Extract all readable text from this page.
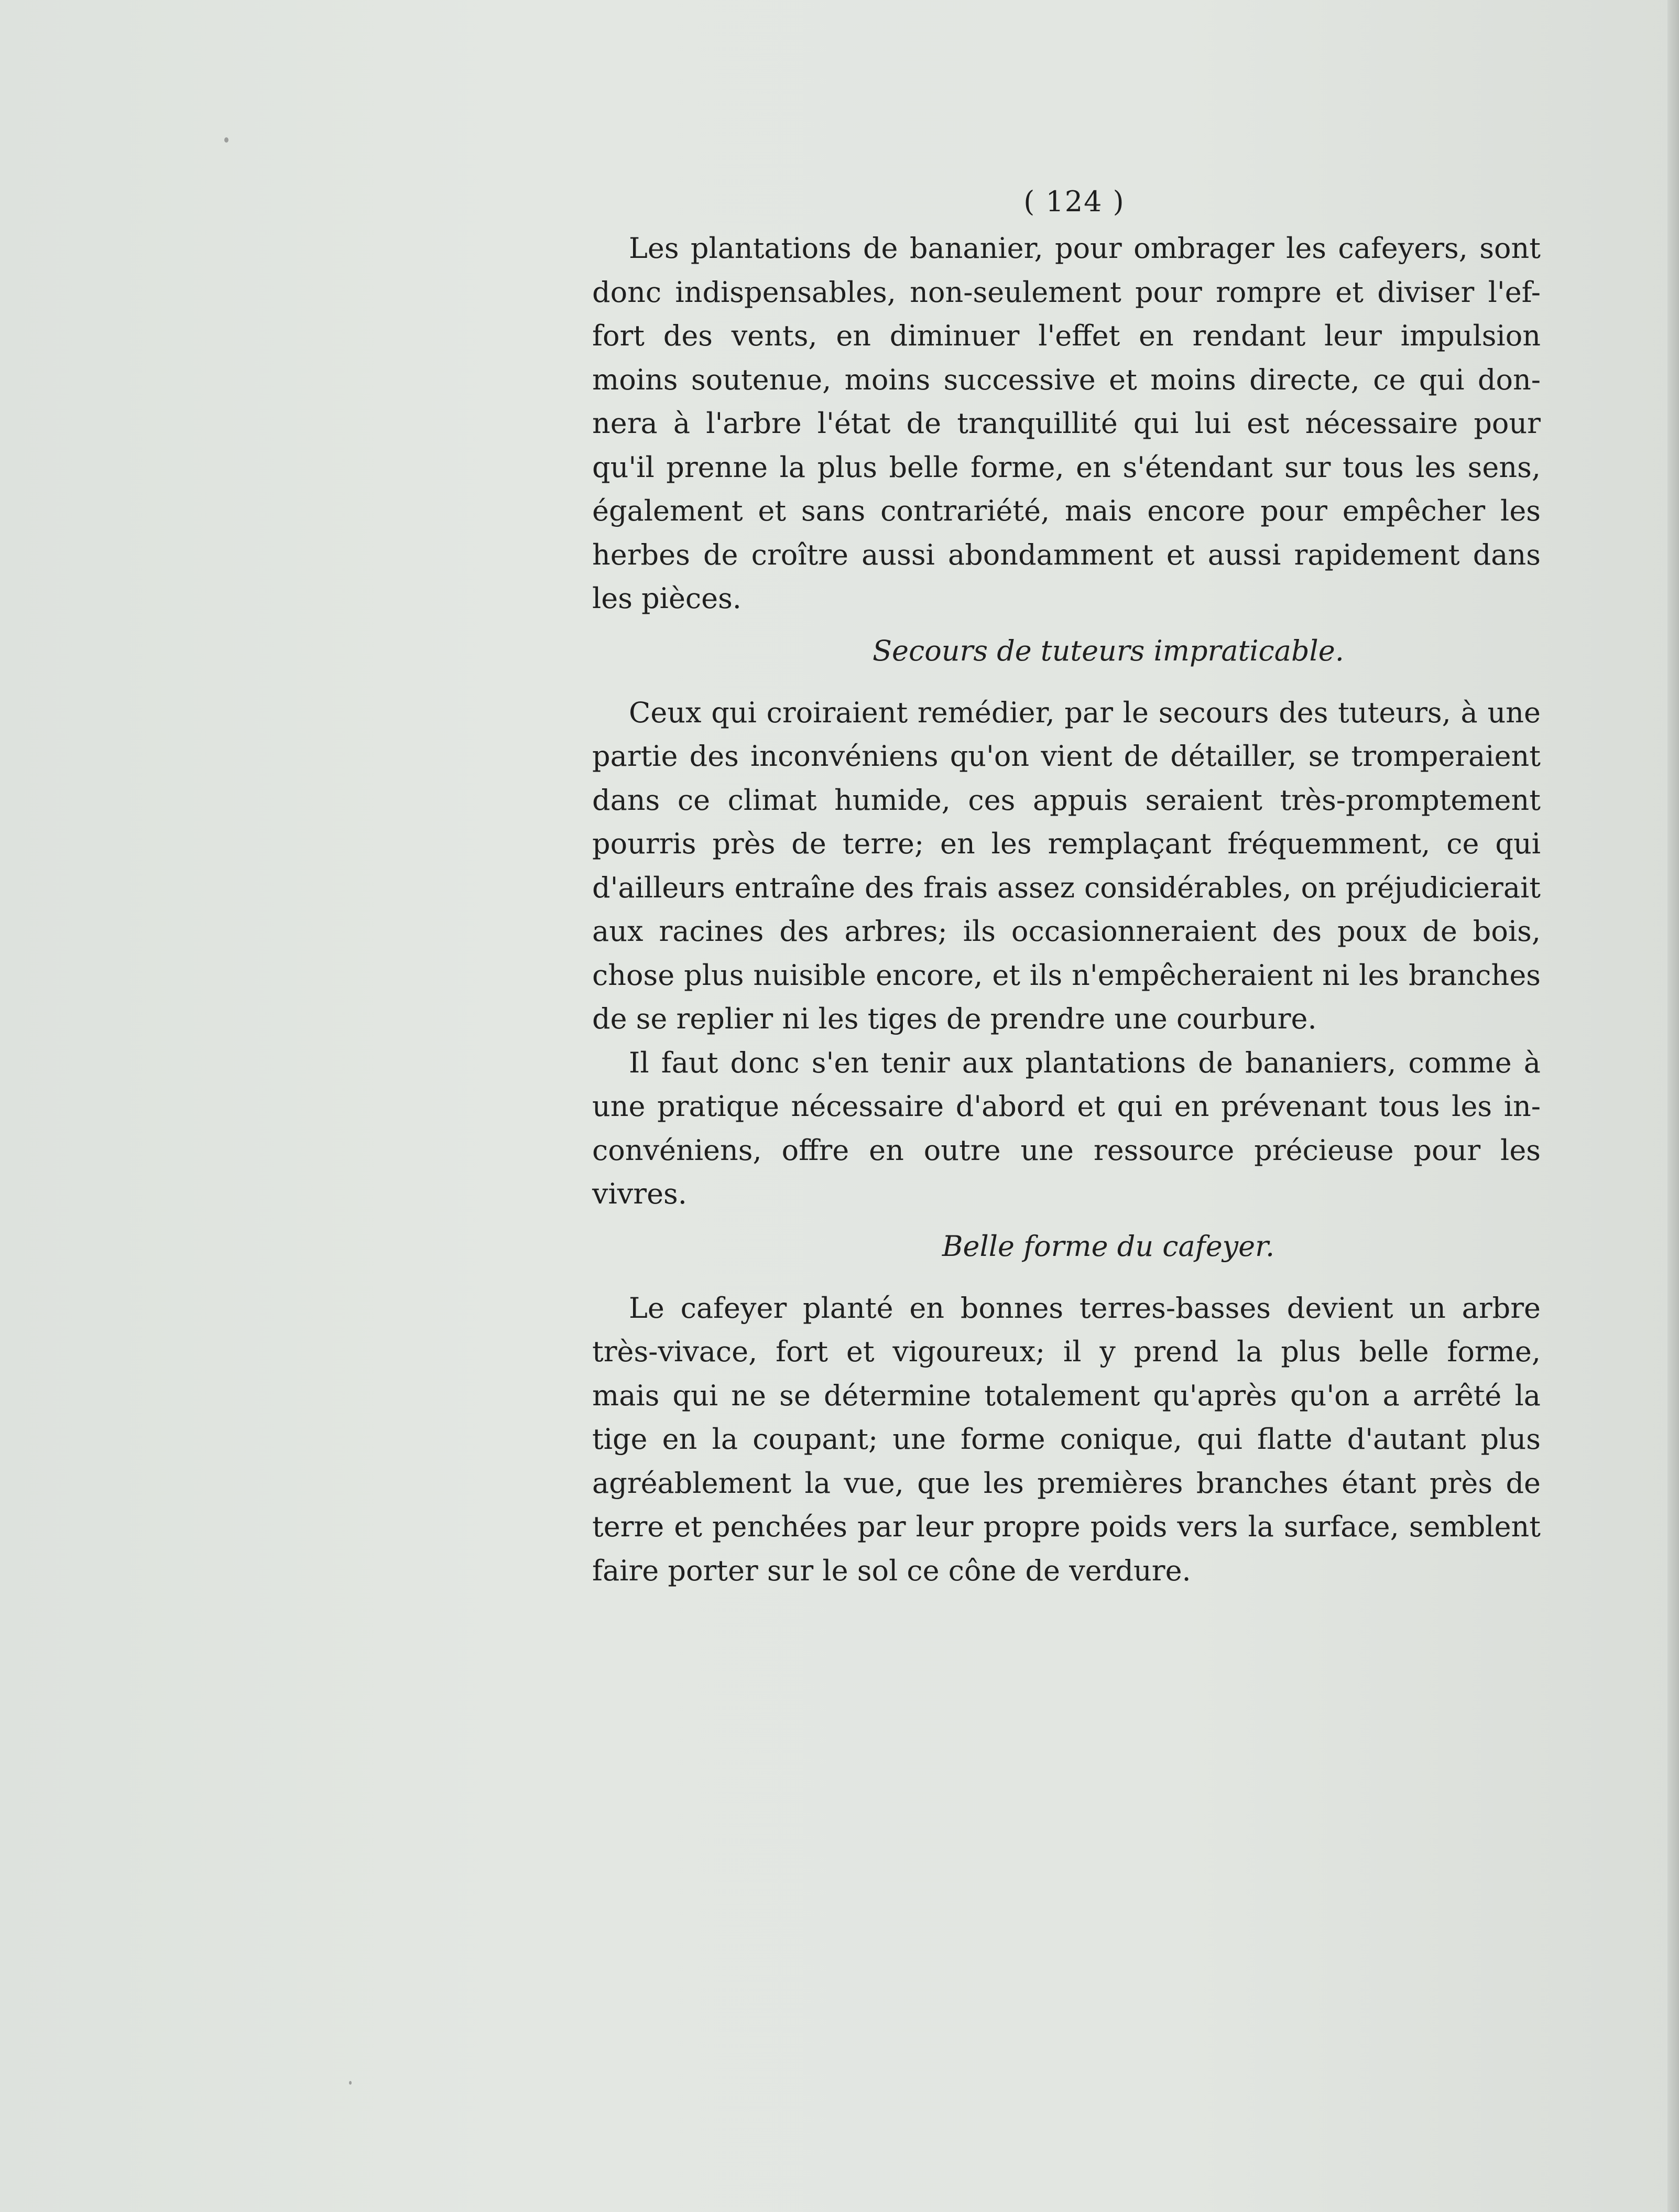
( 124 )
Les plantations de bananier, pour ombrager les cafeyers, sont
donc indispensables, non-seulement pour rompre et diviser l'ef-
fort des vents, en diminuer l'effet en rendant leur impulsion
moins soutenue, moins successive et moins directe, ce qui don-
nera à l'arbre l'état de tranquillité qui lui est nécessaire pour
qu'il prenne la plus belle forme, en s'étendant sur tous les sens,
également et sans contrariété, mais encore pour empêcher les
herbes de croître aussi abondamment et aussi rapidement dans
les pièces.
Secours de tuteurs impraticable.
Ceux qui croiraient remédier, par le secours des tuteurs, à une
partie des inconvéniens qu'on vient de détailler, se tromperaient
dans ce climat humide, ces appuis seraient très-promptement
pourris près de terre; en les remplaçant fréquemment, ce qui
d'ailleurs entraîne des frais assez considérables, on préjudicierait
aux racines des arbres; ils occasionneraient des poux de bois,
chose plus nuisible encore, et ils n'empêcheraient ni les branches
de se replier ni les tiges de prendre une courbure.
Il faut donc s'en tenir aux plantations de bananiers, comme à
une pratique nécessaire d'abord et qui en prévenant tous les in-
convéniens, offre en outre une ressource précieuse pour les
vivres.
Belle forme du cafeyer.
Le cafeyer planté en bonnes terres-basses devient un arbre
très-vivace, fort et vigoureux; il y prend la plus belle forme,
mais qui ne se détermine totalement qu'après qu'on a arrêté la
tige en la coupant; une forme conique, qui flatte d'autant plus
agréablement la vue, que les premières branches étant près de
terre et penchées par leur propre poids vers la surface, semblent
faire porter sur le sol ce cône de verdure.
